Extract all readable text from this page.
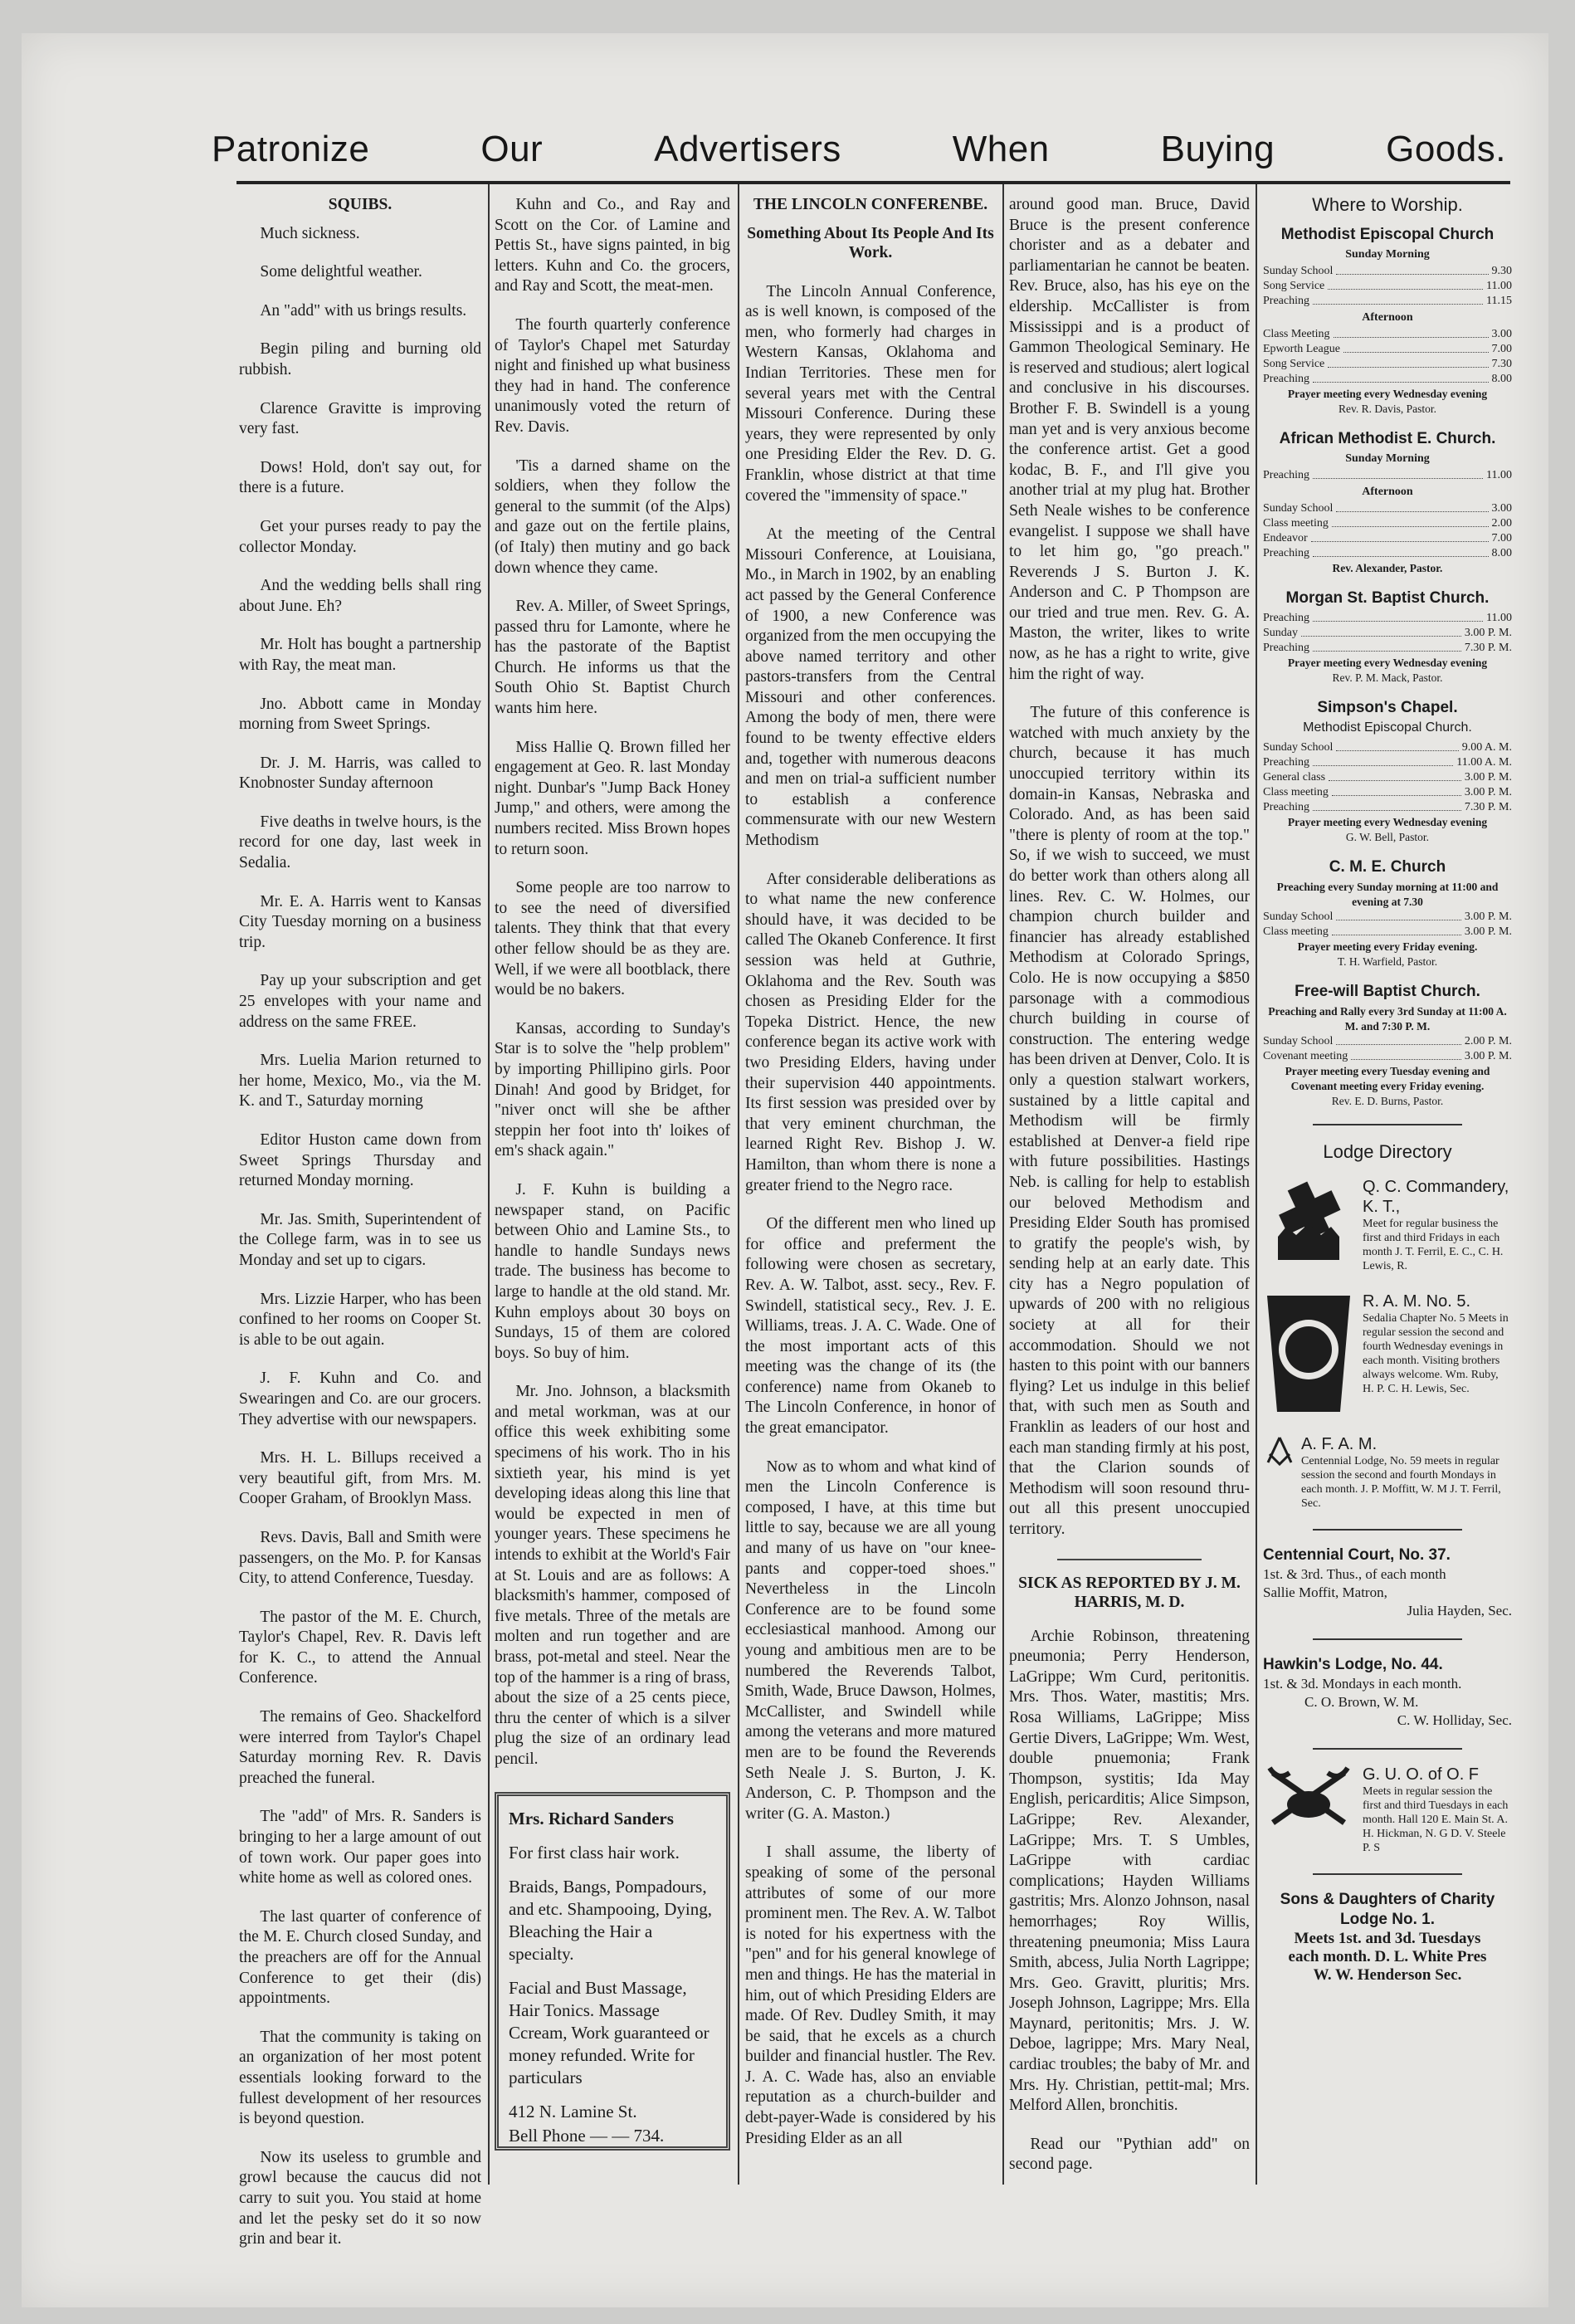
Patronize	Our	Advertisers	When	Buying	Goods.
SQUIBS.

Much sickness.

Some delightful weather.

An "add" with us brings results.

Begin piling and burning old rubbish.

Clarence Gravitte is improving very fast.

Dows! Hold, don't say out, for there is a future.

Get your purses ready to pay the collector Monday.

And the wedding bells shall ring about June. Eh?

Mr. Holt has bought a partnership with Ray, the meat man.

Jno. Abbott came in Monday morning from Sweet Springs.

Dr. J. M. Harris, was called to Knobnoster Sunday afternoon

Five deaths in twelve hours, is the record for one day, last week in Sedalia.

Mr. E. A. Harris went to Kansas City Tuesday morning on a business trip.

Pay up your subscription and get 25 envelopes with your name and address on the same FREE.

Mrs. Luelia Marion returned to her home, Mexico, Mo., via the M. K. and T., Saturday morning

Editor Huston came down from Sweet Springs Thursday and returned Monday morning.

Mr. Jas. Smith, Superintendent of the College farm, was in to see us Monday and set up to cigars.

Mrs. Lizzie Harper, who has been confined to her rooms on Cooper St. is able to be out again.

J. F. Kuhn and Co. and Swearingen and Co. are our grocers. They advertise with our newspapers.

Mrs. H. L. Billups received a very beautiful gift, from Mrs. M. Cooper Graham, of Brooklyn Mass.

Revs. Davis, Ball and Smith were passengers, on the Mo. P. for Kansas City, to attend Conference, Tuesday.

The pastor of the M. E. Church, Taylor's Chapel, Rev. R. Davis left for K. C., to attend the Annual Conference.

The remains of Geo. Shackelford were interred from Taylor's Chapel Saturday morning Rev. R. Davis preached the funeral.

The "add" of Mrs. R. Sanders is bringing to her a large amount of out of town work. Our paper goes into white home as well as colored ones.

The last quarter of conference of the M. E. Church closed Sunday, and the preachers are off for the Annual Conference to get their (dis) appointments.

That the community is taking on an organization of her most potent essentials looking forward to the fullest development of her resources is beyond question.

Now its useless to grumble and growl because the caucus did not carry to suit you. You staid at home and let the pesky set do it so now grin and bear it.

Kuhn and Co., and Ray and Scott on the Cor. of Lamine and Pettis St., have signs painted, in big letters. Kuhn and Co. the grocers, and Ray and Scott, the meat-men.

The fourth quarterly conference of Taylor's Chapel met Saturday night and finished up what business they had in hand. The conference unanimously voted the return of Rev. Davis.

'Tis a darned shame on the soldiers, when they follow the general to the summit (of the Alps) and gaze out on the fertile plains, (of Italy) then mutiny and go back down whence they came.

Rev. A. Miller, of Sweet Springs, passed thru for Lamonte, where he has the pastorate of the Baptist Church. He informs us that the South Ohio St. Baptist Church wants him here.

Miss Hallie Q. Brown filled her engagement at Geo. R. last Monday night. Dunbar's "Jump Back Honey Jump," and others, were among the numbers recited. Miss Brown hopes to return soon.

Some people are too narrow to to see the need of diversified talents. They think that that every other fellow should be as they are. Well, if we were all bootblack, there would be no bakers.

Kansas, according to Sunday's Star is to solve the "help problem" by importing Phillipino girls. Poor Dinah! And good by Bridget, for "niver onct will she be afther steppin her foot into th' loikes of em's shack again."

J. F. Kuhn is building a newspaper stand, on Pacific between Ohio and Lamine Sts., to handle to handle Sundays news trade. The business has become to large to handle at the old stand. Mr. Kuhn employs about 30 boys on Sundays, 15 of them are colored boys. So buy of him.

Mr. Jno. Johnson, a blacksmith and metal workman, was at our office this week exhibiting some specimens of his work. Tho in his sixtieth year, his mind is yet developing ideas along this line that would be expected in men of younger years. These specimens he intends to exhibit at the World's Fair at St. Louis and are as follows: A blacksmith's hammer, composed of five metals. Three of the metals are molten and run together and are brass, pot-metal and steel. Near the top of the hammer is a ring of brass, about the size of a 25 cents piece, thru the center of which is a silver plug the size of an ordinary lead pencil.

Mrs. Richard Sanders
For first class hair work.
Braids, Bangs, Pompadours, and etc. Shampooing, Dying, Bleaching the Hair a specialty.
Facial and Bust Massage, Hair Tonics. Massage Ccream, Work guaranteed or money refunded. Write for particulars
412 N. Lamine St.
Bell Phone — — 734.
THE LINCOLN CONFERENBE.
Something About Its People And Its Work.

The Lincoln Annual Conference, as is well known, is composed of the men, who formerly had charges in Western Kansas, Oklahoma and Indian Territories. These men for several years met with the Central Missouri Conference. During these years, they were represented by only one Presiding Elder the Rev. D. G. Franklin, whose district at that time covered the "immensity of space."

At the meeting of the Central Missouri Conference, at Louisiana, Mo., in March in 1902, by an enabling act passed by the General Conference of 1900, a new Conference was organized from the men occupying the above named territory and other pastors-transfers from the Central Missouri and other conferences. Among the body of men, there were found to be twenty effective elders and, together with numerous deacons and men on trial-a sufficient number to establish a conference commensurate with our new Western Methodism

After considerable deliberations as to what name the new conference should have, it was decided to be called The Okaneb Conference. It first session was held at Guthrie, Oklahoma and the Rev. South was chosen as Presiding Elder for the Topeka District. Hence, the new conference began its active work with two Presiding Elders, having under their supervision 440 appointments. Its first session was presided over by that very eminent churchman, the learned Right Rev. Bishop J. W. Hamilton, than whom there is none a greater friend to the Negro race.

Of the different men who lined up for office and preferment the following were chosen as secretary, Rev. A. W. Talbot, asst. secy., Rev. F. Swindell, statistical secy., Rev. J. E. Williams, treas. J. A. C. Wade. One of the most important acts of this meeting was the change of its (the conference) name from Okaneb to The Lincoln Conference, in honor of the great emancipator.

Now as to whom and what kind of men the Lincoln Conference is composed, I have, at this time but little to say, because we are all young and many of us have on "our knee-pants and copper-toed shoes." Nevertheless in the Lincoln Conference are to be found some ecclesiastical manhood. Among our young and ambitious men are to be numbered the Reverends Talbot, Smith, Wade, Bruce Dawson, Holmes, McCallister, and Swindell while among the veterans and more matured men are to be found the Reverends Seth Neale J. S. Burton, J. K. Anderson, C. P. Thompson and the writer (G. A. Maston.)

I shall assume, the liberty of speaking of some of the personal attributes of some of our more prominent men. The Rev. A. W. Talbot is noted for his expertness with the "pen" and for his general knowlege of men and things. He has the material in him, out of which Presiding Elders are made. Of Rev. Dudley Smith, it may be said, that he excels as a church builder and financial hustler. The Rev. J. A. C. Wade has, also an enviable reputation as a church-builder and debt-payer-Wade is considered by his Presiding Elder as an all

around good man. Bruce, David Bruce is the present conference chorister and as a debater and parliamentarian he cannot be beaten. Rev. Bruce, also, has his eye on the eldership. McCallister is from Mississippi and is a product of Gammon Theological Seminary. He is reserved and studious; alert logical and conclusive in his discourses. Brother F. B. Swindell is a young man yet and is very anxious become the conference artist. Get a good kodac, B. F., and I'll give you another trial at my plug hat. Brother Seth Neale wishes to be conference evangelist. I suppose we shall have to let him go, "go preach." Reverends J S. Burton J. K. Anderson and C. P Thompson are our tried and true men. Rev. G. A. Maston, the writer, likes to write now, as he has a right to write, give him the right of way.

The future of this conference is watched with much anxiety by the church, because it has much unoccupied territory within its domain-in Kansas, Nebraska and Colorado. And, as has been said "there is plenty of room at the top." So, if we wish to succeed, we must do better work than others along all lines. Rev. C. W. Holmes, our champion church builder and financier has already established Methodism at Colorado Springs, Colo. He is now occupying a $850 parsonage with a commodious church building in course of construction. The entering wedge has been driven at Denver, Colo. It is only a question stalwart workers, sustained by a little capital and Methodism will be firmly established at Denver-a field ripe with future possibilities. Hastings Neb. is calling for help to establish our beloved Methodism and Presiding Elder South has promised to gratify the people's wish, by sending help at an early date. This city has a Negro population of upwards of 200 with no religious society at all for their accommodation. Should we not hasten to this point with our banners flying? Let us indulge in this belief that, with such men as South and Franklin as leaders of our host and each man standing firmly at his post, that the Clarion sounds of Methodism will soon resound thru-out all this present unoccupied territory.

SICK AS REPORTED BY J. M. HARRIS, M. D.

Archie Robinson, threatening pneumonia; Perry Henderson, LaGrippe; Wm Curd, peritonitis. Mrs. Thos. Water, mastitis; Mrs. Rosa Williams, LaGrippe; Miss Gertie Divers, LaGrippe; Wm. West, double pnuemonia; Frank Thompson, systitis; Ida May English, pericarditis; Alice Simpson, LaGrippe; Rev. Alexander, LaGrippe; Mrs. T. S Umbles, LaGrippe with cardiac complications; Hayden Williams gastritis; Mrs. Alonzo Johnson, nasal hemorrhages; Roy Willis, threatening pneumonia; Miss Laura Smith, abcess, Julia North Lagrippe; Mrs. Geo. Gravitt, pluritis; Mrs. Joseph Johnson, Lagrippe; Mrs. Ella Maynard, peritonitis; Mrs. J. W. Deboe, lagrippe; Mrs. Mary Neal, cardiac troubles; the baby of Mr. and Mrs. Hy. Christian, pettit-mal; Mrs. Melford Allen, bronchitis.

Read our "Pythian add" on second page.

Where to Worship.
Methodist Episcopal Church
Sunday Morning
Sunday School	9.30
Song Service	11.00
Preaching	11.15
Afternoon
Class Meeting	3.00
Epworth League	7.00
Song Service	7.30
Preaching	8.00
Prayer meeting every Wednesday evening
Rev. R. Davis, Pastor.
African Methodist E. Church.
Sunday Morning
Preaching	11.00
Afternoon
Sunday School	3.00
Class meeting	2.00
Endeavor	7.00
Preaching	8.00
Rev. Alexander, Pastor.
Morgan St. Baptist Church.
Preaching	11.00
Sunday	3.00 P. M.
Preaching	7.30 P. M.
Prayer meeting every Wednesday evening
Rev. P. M. Mack, Pastor.
Simpson's Chapel.
Methodist Episcopal Church.
Sunday School	9.00 A. M.
Preaching	11.00 A. M.
General class	3.00 P. M.
Class meeting	3.00 P. M.
Preaching	7.30 P. M.
Prayer meeting every Wednesday evening
G. W. Bell, Pastor.
C. M. E. Church
Preaching every Sunday morning at 11:00 and evening at 7.30
Sunday School	3.00 P. M.
Class meeting	3.00 P. M.
Prayer meeting every Friday evening.
T. H. Warfield, Pastor.
Free-will Baptist Church.
Preaching and Rally every 3rd Sunday at 11:00 A. M. and 7:30 P. M.
Sunday School	2.00 P. M.
Covenant meeting	3.00 P. M.
Prayer meeting every Tuesday evening and Covenant meeting every Friday evening.
Rev. E. D. Burns, Pastor.
Lodge Directory
Q. C. Commandery, K. T.,
Meet for regular business the first and third Fridays in each month J. T. Ferril, E. C., C. H. Lewis, R.
R. A. M. No. 5.
Sedalia Chapter No. 5 Meets in regular session the second and fourth Wednesday evenings in each month. Visiting brothers always welcome. Wm. Ruby, H. P. C. H. Lewis, Sec.
A. F. A. M.
Centennial Lodge, No. 59 meets in regular session the second and fourth Mondays in each month. J. P. Moffitt, W. M J. T. Ferril, Sec.
Centennial Court, No. 37.
1st. & 3rd. Thus., of each month
Sallie Moffit, Matron,
Julia Hayden, Sec.
Hawkin's Lodge, No. 44.
1st. & 3d. Mondays in each month.
C. O. Brown, W. M.
C. W. Holliday, Sec.
G. U. O. of O. F
Meets in regular session the first and third Tuesdays in each month. Hall 120 E. Main St. A. H. Hickman, N. G D. V. Steele P. S
Sons & Daughters of Charity
Lodge No. 1.
Meets 1st. and 3d. Tuesdays
each month. D. L. White Pres
W. W. Henderson Sec.
